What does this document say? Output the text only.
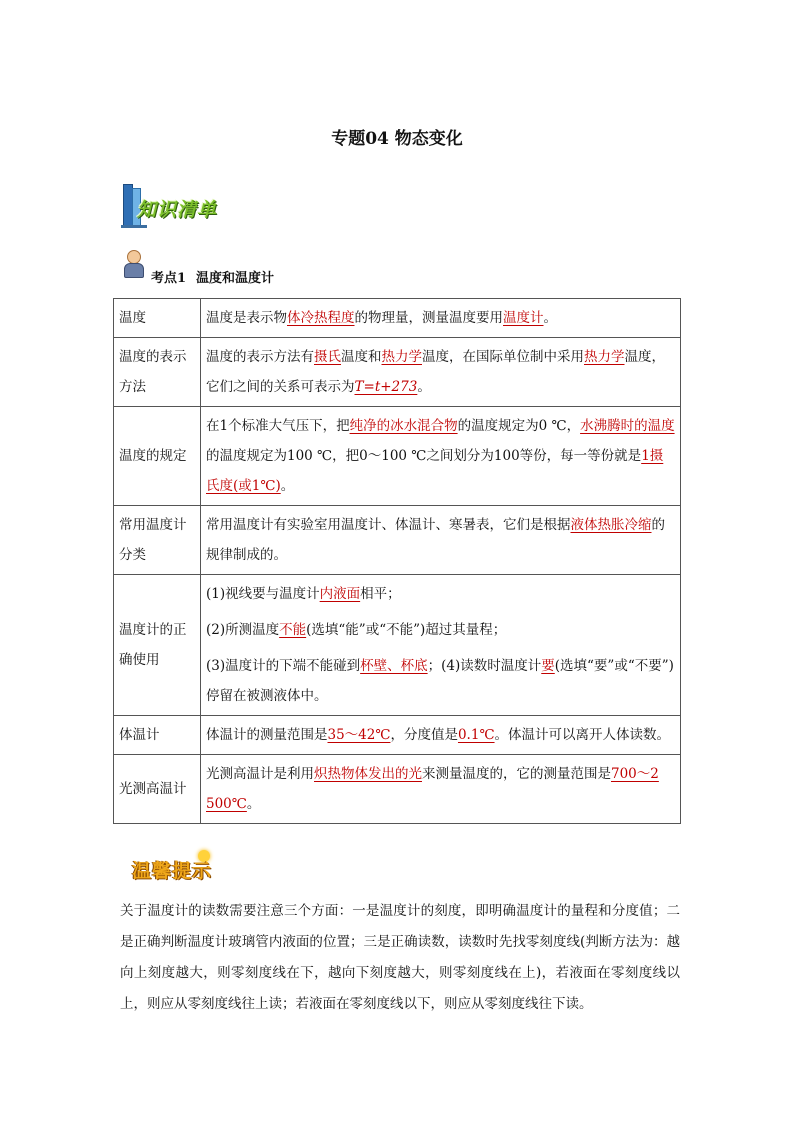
专题04 物态变化
知识清单
考点1 温度和温度计
温度	温度是表示物体冷热程度的物理量，测量温度要用温度计。
温度的表示方法	温度的表示方法有摄氏温度和热力学温度，在国际单位制中采用热力学温度，它们之间的关系可表示为T=t+273。
温度的规定	在1个标准大气压下，把纯净的冰水混合物的温度规定为0 ℃，水沸腾时的温度的温度规定为100 ℃，把0～100 ℃之间划分为100等份，每一等份就是1摄氏度(或1℃)。
常用温度计分类	常用温度计有实验室用温度计、体温计、寒暑表，它们是根据液体热胀冷缩的规律制成的。
温度计的正确使用	(1)视线要与温度计内液面相平；
(2)所测温度不能(选填“能”或“不能”)超过其量程；
(3)温度计的下端不能碰到杯壁、杯底；(4)读数时温度计要(选填“要”或“不要”)停留在被测液体中。

体温计	体温计的测量范围是35～42℃，分度值是0.1℃。体温计可以离开人体读数。
光测高温计	光测高温计是利用炽热物体发出的光来测量温度的，它的测量范围是700～2 500℃。
温馨提示
关于温度计的读数需要注意三个方面：一是温度计的刻度，即明确温度计的量程和分度值；二是正确判断温度计玻璃管内液面的位置；三是正确读数，读数时先找零刻度线(判断方法为：越向上刻度越大，则零刻度线在下，越向下刻度越大，则零刻度线在上)，若液面在零刻度线以上，则应从零刻度线往上读；若液面在零刻度线以下，则应从零刻度线往下读。
